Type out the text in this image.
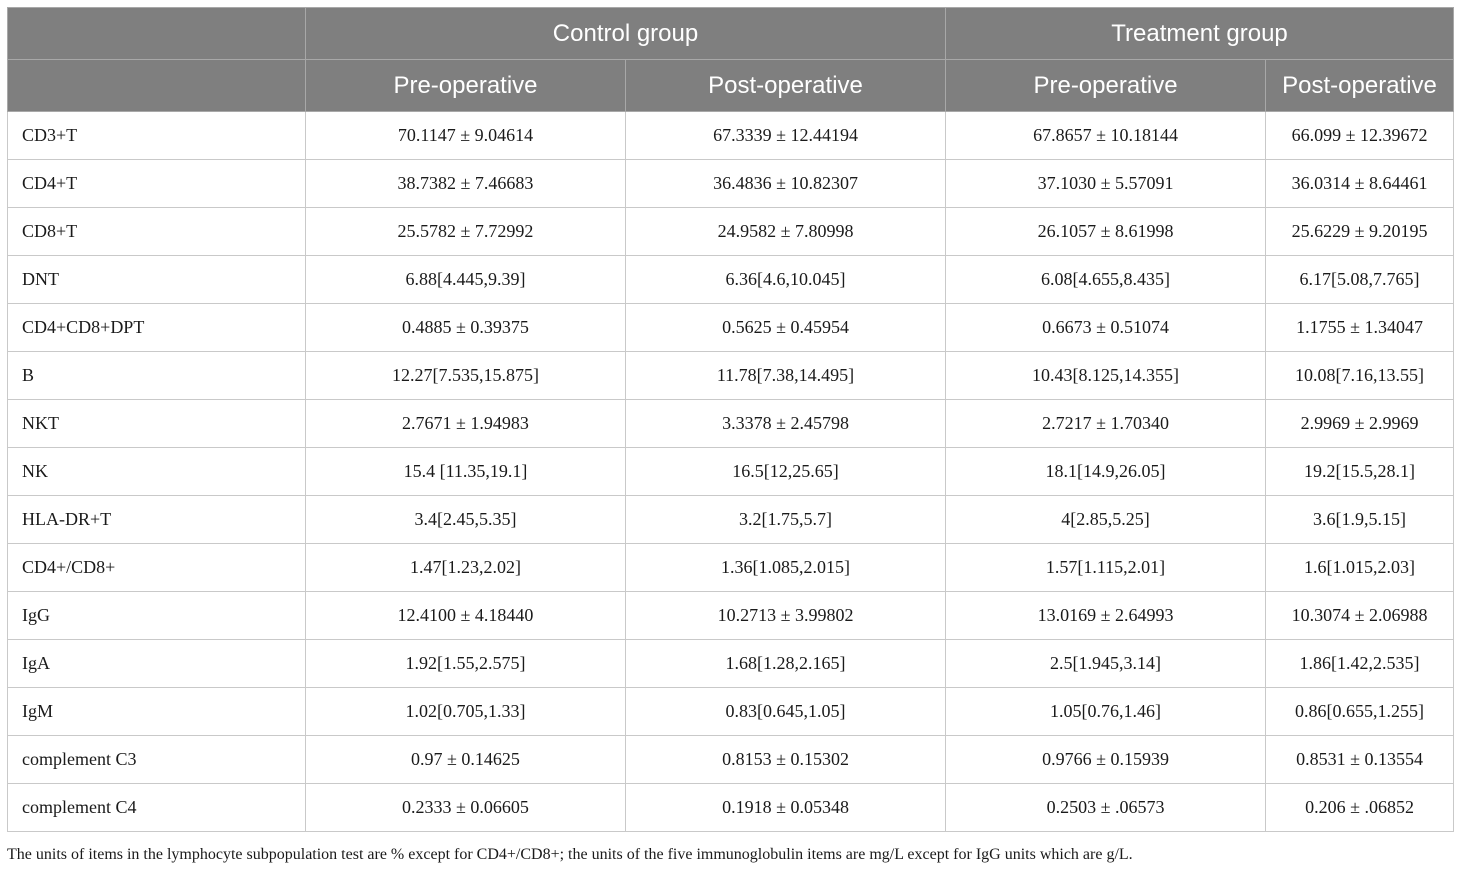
	Control group		Treatment group	
	Pre-operative	Post-operative	Pre-operative	Post-operative
CD3+T	70.1147 ± 9.04614	67.3339 ± 12.44194	67.8657 ± 10.18144	66.099 ± 12.39672
CD4+T	38.7382 ± 7.46683	36.4836 ± 10.82307	37.1030 ± 5.57091	36.0314 ± 8.64461
CD8+T	25.5782 ± 7.72992	24.9582 ± 7.80998	26.1057 ± 8.61998	25.6229 ± 9.20195
DNT	6.88[4.445,9.39]	6.36[4.6,10.045]	6.08[4.655,8.435]	6.17[5.08,7.765]
CD4+CD8+DPT	0.4885 ± 0.39375	0.5625 ± 0.45954	0.6673 ± 0.51074	1.1755 ± 1.34047
B	12.27[7.535,15.875]	11.78[7.38,14.495]	10.43[8.125,14.355]	10.08[7.16,13.55]
NKT	2.7671 ± 1.94983	3.3378 ± 2.45798	2.7217 ± 1.70340	2.9969 ± 2.9969
NK	15.4 [11.35,19.1]	16.5[12,25.65]	18.1[14.9,26.05]	19.2[15.5,28.1]
HLA-DR+T	3.4[2.45,5.35]	3.2[1.75,5.7]	4[2.85,5.25]	3.6[1.9,5.15]
CD4+/CD8+	1.47[1.23,2.02]	1.36[1.085,2.015]	1.57[1.115,2.01]	1.6[1.015,2.03]
IgG	12.4100 ± 4.18440	10.2713 ± 3.99802	13.0169 ± 2.64993	10.3074 ± 2.06988
IgA	1.92[1.55,2.575]	1.68[1.28,2.165]	2.5[1.945,3.14]	1.86[1.42,2.535]
IgM	1.02[0.705,1.33]	0.83[0.645,1.05]	1.05[0.76,1.46]	0.86[0.655,1.255]
complement C3	0.97 ± 0.14625	0.8153 ± 0.15302	0.9766 ± 0.15939	0.8531 ± 0.13554
complement C4	0.2333 ± 0.06605	0.1918 ± 0.05348	0.2503 ± .06573	0.206 ± .06852
The units of items in the lymphocyte subpopulation test are % except for CD4+/CD8+; the units of the five immunoglobulin items are mg/L except for IgG units which are g/L.
